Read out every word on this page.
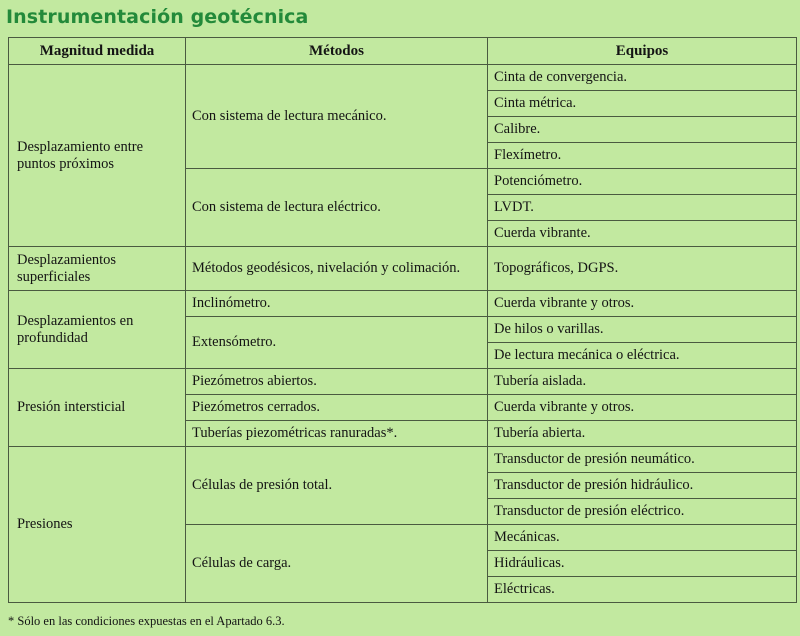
Instrumentación geotécnica
Magnitud medida	Métodos	Equipos
Desplazamiento entre puntos próximos	Con sistema de lectura mecánico.	Cinta de convergencia.
		Cinta métrica.
		Calibre.
		Flexímetro.
	Con sistema de lectura eléctrico.	Potenciómetro.
		LVDT.
		Cuerda vibrante.
Desplazamientos superficiales	Métodos geodésicos, nivelación y colimación.	Topográficos, DGPS.
Desplazamientos en profundidad	Inclinómetro.	Cuerda vibrante y otros.
	Extensómetro.	De hilos o varillas.
		De lectura mecánica o eléctrica.
Presión intersticial	Piezómetros abiertos.	Tubería aislada.
	Piezómetros cerrados.	Cuerda vibrante y otros.
	Tuberías piezométricas ranuradas*.	Tubería abierta.
Presiones	Células de presión total.	Transductor de presión neumático.
		Transductor de presión hidráulico.
		Transductor de presión eléctrico.
	Células de carga.	Mecánicas.
		Hidráulicas.
		Eléctricas.
* Sólo en las condiciones expuestas en el Apartado 6.3.
